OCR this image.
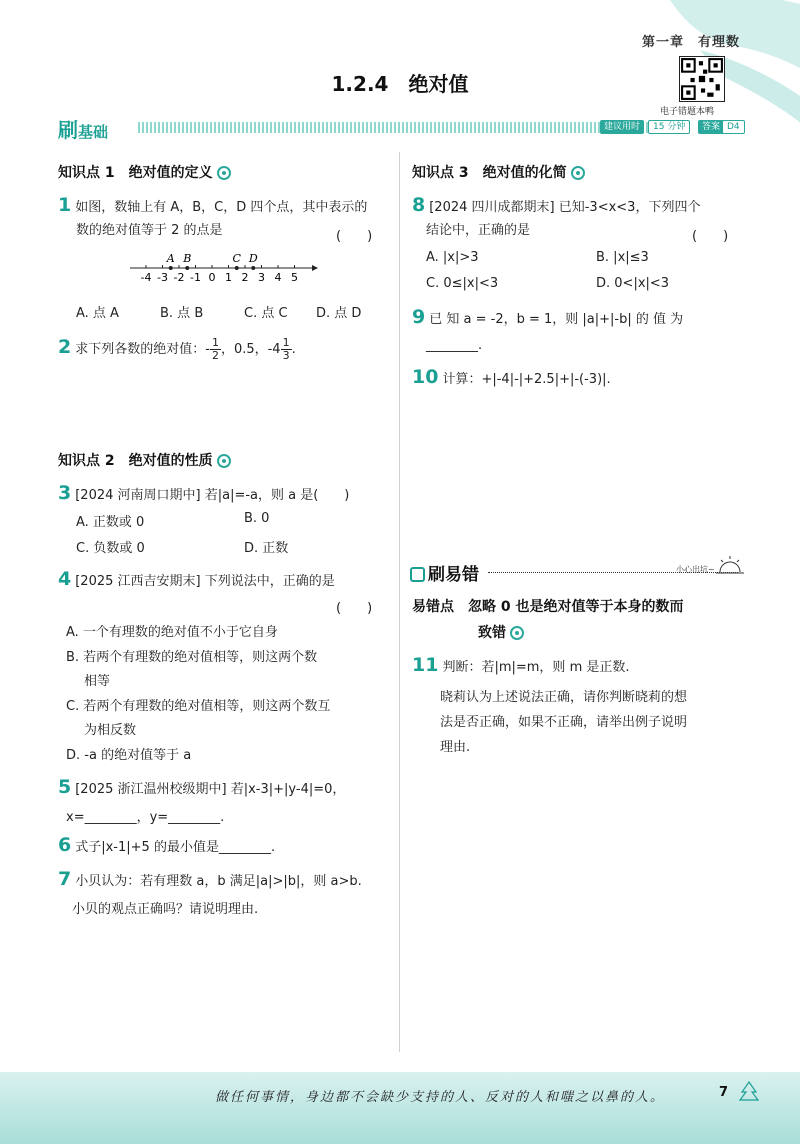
第一章　有理数
1.2.4　绝对值
电子错题本鸭
刷基础	建议用时	15 分钟	答案 D4
知识点 1 绝对值的定义
1 如图，数轴上有 A，B，C，D 四个点，其中表示的
数的绝对值等于 2 的点是	(　　)
-4 -3 -2 -1 0 1 2 3 4 5
A B	C D
A. 点 A	B. 点 B	C. 点 C D. 点 D
2 求下列各数的绝对值：- $\frac{1}{2}$ ，0.5，$-4 \frac{1}{3}$ .
知识点 2 绝对值的性质
3 [2024 河南周口期中] 若|a|=-a，则 a 是(　　)
A. 正数或 0	B. 0
C. 负数或 0	D. 正数
4 [2025 江西吉安期末] 下列说法中，正确的是
(　　)
A. 一个有理数的绝对值不小于它自身
B. 若两个有理数的绝对值相等，则这两个数
相等
C. 若两个有理数的绝对值相等，则这两个数互
为相反数
D. -a 的绝对值等于 a
5 [2025 浙江温州校级期中] 若|x-3|+|y-4|=0，
x=________，y=________.
6 式子|x-1|+5 的最小值是________.
7 小贝认为：若有理数 a，b 满足|a|>|b|，则 a>b.
小贝的观点正确吗？请说明理由.
知识点 3 绝对值的化简
8 [2024 四川成都期末] 已知-3<x<3，下列四个
结论中，正确的是	(　　)
A. |x|>3	B. |x|≤3
C. 0≤|x|<3	D. 0<|x|<3
9 已 知 a = -2，b = 1，则 |a|+|-b| 的 值 为
________.
10 计算：+|-4|-|+2.5|+|-(-3)|.
刷易错	小心出坑~
易错点 忽略 0 也是绝对值等于本身的数而
致错
11 判断：若|m|=m，则 m 是正数.
晓莉认为上述说法正确，请你判断晓莉的想
法是否正确，如果不正确，请举出例子说明
理由.
做任何事情，身边都不会缺少支持的人、反对的人和嗤之以鼻的人。	7
